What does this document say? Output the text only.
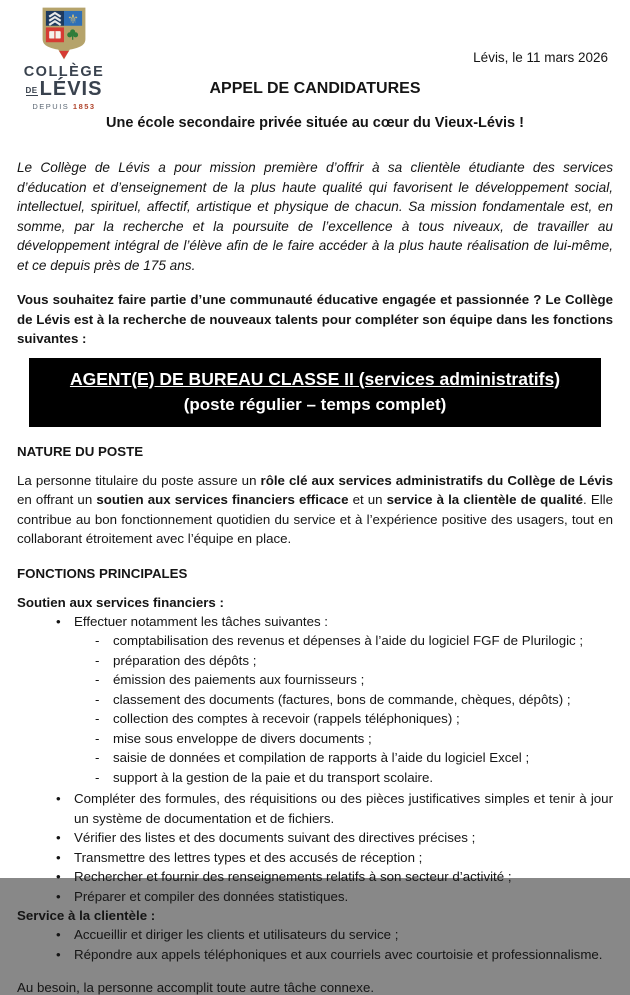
⚜
COLLÈGE
DE LÉVIS
DEPUIS 1853
Lévis, le 11 mars 2026
APPEL DE CANDIDATURES
Une école secondaire privée située au cœur du Vieux-Lévis !

Le Collège de Lévis a pour mission première d’offrir à sa clientèle étudiante des services d’éducation et d’enseignement de la plus haute qualité qui favorisent le développement social, intellectuel, spirituel, affectif, artistique et physique de chacun. Sa mission fondamentale est, en somme, par la recherche et la poursuite de l’excellence à tous niveaux, de travailler au développement intégral de l’élève afin de le faire accéder à la plus haute réalisation de lui-même, et ce depuis près de 175 ans.

Vous souhaitez faire partie d’une communauté éducative engagée et passionnée ? Le Collège de Lévis est à la recherche de nouveaux talents pour compléter son équipe dans les fonctions suivantes :

AGENT(E) DE BUREAU CLASSE II (services administratifs)
(poste régulier – temps complet)
NATURE DU POSTE

La personne titulaire du poste assure un rôle clé aux services administratifs du Collège de Lévis en offrant un soutien aux services financiers efficace et un service à la clientèle de qualité. Elle contribue au bon fonctionnement quotidien du service et à l’expérience positive des usagers, tout en collaborant étroitement avec l’équipe en place.

FONCTIONS PRINCIPALES
Soutien aux services financiers :
• Effectuer notamment les tâches suivantes :
- comptabilisation des revenus et dépenses à l’aide du logiciel FGF de Plurilogic ;
- préparation des dépôts ;
- émission des paiements aux fournisseurs ;
- classement des documents (factures, bons de commande, chèques, dépôts) ;
- collection des comptes à recevoir (rappels téléphoniques) ;
- mise sous enveloppe de divers documents ;
- saisie de données et compilation de rapports à l’aide du logiciel Excel ;
- support à la gestion de la paie et du transport scolaire.
• Compléter des formules, des réquisitions ou des pièces justificatives simples et tenir à jour un système de documentation et de fichiers.
• Vérifier des listes et des documents suivant des directives précises ;
• Transmettre des lettres types et des accusés de réception ;
• Rechercher et fournir des renseignements relatifs à son secteur d’activité ;
• Préparer et compiler des données statistiques.
Service à la clientèle :
• Accueillir et diriger les clients et utilisateurs du service ;
• Répondre aux appels téléphoniques et aux courriels avec courtoisie et professionnalisme.

Au besoin, la personne accomplit toute autre tâche connexe.
